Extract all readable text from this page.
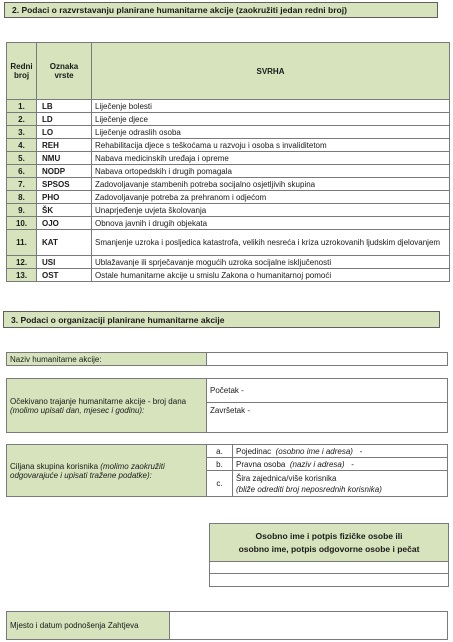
2. Podaci o razvrstavanju planirane humanitarne akcije (zaokružiti jedan redni broj)
Redni broj	Oznaka vrste	SVRHA
1.	LB	Liječenje bolesti
2.	LD	Liječenje djece
3.	LO	Liječenje odraslih osoba
4.	REH	Rehabilitacija djece s teškoćama u razvoju i osoba s invaliditetom
5.	NMU	Nabava medicinskih uređaja i opreme
6.	NODP	Nabava ortopedskih i drugih pomagala
7.	SPSOS	Zadovoljavanje stambenih potreba socijalno osjetljivih skupina
8.	PHO	Zadovoljavanje potreba za prehranom i odjećom
9.	ŠK	Unaprjeđenje uvjeta školovanja
10.	OJO	Obnova javnih i drugih objekata
11.	KAT	Smanjenje uzroka i posljedica katastrofa, velikih nesreća i kriza uzrokovanih ljudskim djelovanjem
12.	USI	Ublažavanje ili sprječavanje mogućih uzroka socijalne isključenosti
13.	OST	Ostale humanitarne akcije u smislu Zakona o humanitarnoj pomoći
3. Podaci o organizaciji planirane humanitarne akcije
Naziv humanitarne akcije:	
Očekivano trajanje humanitarne akcije - broj dana (molimo upisati dan, mjesec i godinu):	Početak -
Završetak -
Ciljana skupina korisnika (molimo zaokružiti odgovarajuće i upisati tražene podatke):	a.	Pojedinac (osobno ime i adresa) -
	b.	Pravna osoba (naziv i adresa) -
	c.	Šira zajednica/više korisnika
(bliže odrediti broj neposrednih korisnika)
Osobno ime i potpis fizičke osobe ili
osobno ime, potpis odgovorne osobe i pečat

Mjesto i datum podnošenja Zahtjeva	
